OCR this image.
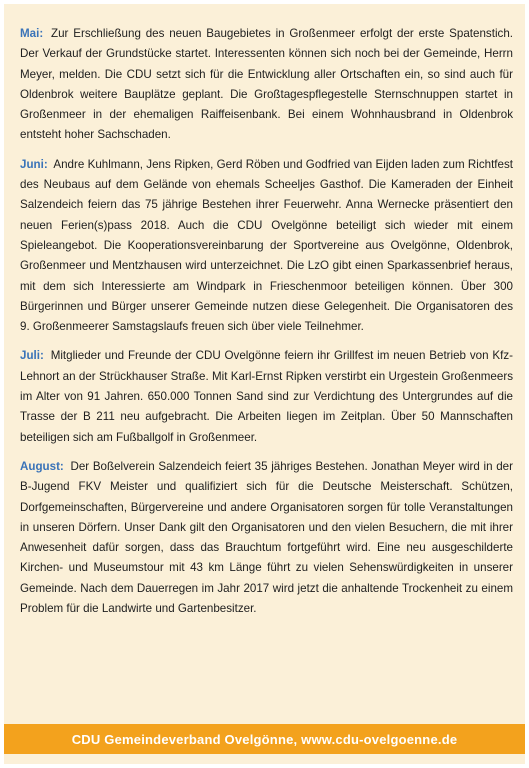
Mai: Zur Erschließung des neuen Baugebietes in Großenmeer erfolgt der erste Spatenstich. Der Verkauf der Grundstücke startet. Interessenten können sich noch bei der Gemeinde, Herrn Meyer, melden. Die CDU setzt sich für die Entwicklung aller Ortschaften ein, so sind auch für Oldenbrok weitere Bauplätze geplant. Die Großtagespflegestelle Sternschnuppen startet in Großenmeer in der ehemaligen Raiffeisenbank. Bei einem Wohnhausbrand in Oldenbrok entsteht hoher Sachschaden.

Juni: Andre Kuhlmann, Jens Ripken, Gerd Röben und Godfried van Eijden laden zum Richtfest des Neubaus auf dem Gelände von ehemals Scheeljes Gasthof. Die Kameraden der Einheit Salzendeich feiern das 75 jährige Bestehen ihrer Feuerwehr. Anna Wernecke präsentiert den neuen Ferien(s)pass 2018. Auch die CDU Ovelgönne beteiligt sich wieder mit einem Spieleangebot. Die Kooperationsvereinbarung der Sportvereine aus Ovelgönne, Oldenbrok, Großenmeer und Mentzhausen wird unterzeichnet. Die LzO gibt einen Sparkassenbrief heraus, mit dem sich Interessierte am Windpark in Frieschenmoor beteiligen können. Über 300 Bürgerinnen und Bürger unserer Gemeinde nutzen diese Gelegenheit. Die Organisatoren des 9. Großenmeerer Samstagslaufs freuen sich über viele Teilnehmer.

Juli: Mitglieder und Freunde der CDU Ovelgönne feiern ihr Grillfest im neuen Betrieb von Kfz-Lehnort an der Strückhauser Straße. Mit Karl-Ernst Ripken verstirbt ein Urgestein Großenmeers im Alter von 91 Jahren. 650.000 Tonnen Sand sind zur Verdichtung des Untergrundes auf die Trasse der B 211 neu aufgebracht. Die Arbeiten liegen im Zeitplan. Über 50 Mannschaften beteiligen sich am Fußballgolf in Großenmeer.

August: Der Boßelverein Salzendeich feiert 35 jähriges Bestehen. Jonathan Meyer wird in der B-Jugend FKV Meister und qualifiziert sich für die Deutsche Meisterschaft. Schützen, Dorfgemeinschaften, Bürgervereine und andere Organisatoren sorgen für tolle Veranstaltungen in unseren Dörfern. Unser Dank gilt den Organisatoren und den vielen Besuchern, die mit ihrer Anwesenheit dafür sorgen, dass das Brauchtum fortgeführt wird. Eine neu ausgeschilderte Kirchen- und Museumstour mit 43 km Länge führt zu vielen Sehenswürdigkeiten in unserer Gemeinde. Nach dem Dauerregen im Jahr 2017 wird jetzt die anhaltende Trockenheit zu einem Problem für die Landwirte und Gartenbesitzer.

CDU Gemeindeverband Ovelgönne, www.cdu-ovelgoenne.de
